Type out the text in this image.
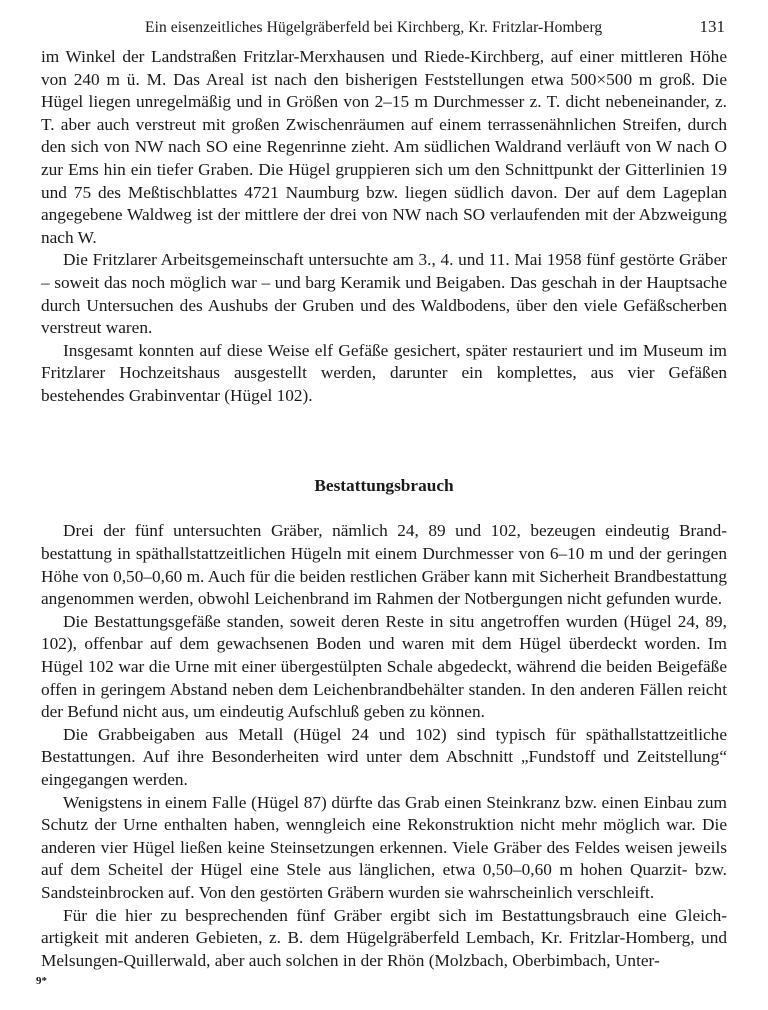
Ein eisenzeitliches Hügelgräberfeld bei Kirchberg, Kr. Fritzlar-Homberg	131

im Winkel der Landstraßen Fritzlar-Merxhausen und Riede-Kirchberg, auf einer mittleren Höhe von 240 m ü. M. Das Areal ist nach den bisherigen Feststellungen etwa 500×500 m groß. Die Hügel liegen unregelmäßig und in Größen von 2–15 m Durchmesser z. T. dicht nebeneinander, z. T. aber auch verstreut mit großen Zwischenräumen auf einem terrassenähnlichen Streifen, durch den sich von NW nach SO eine Regenrinne zieht. Am südlichen Waldrand verläuft von W nach O zur Ems hin ein tiefer Graben. Die Hügel gruppieren sich um den Schnittpunkt der Gitterlinien 19 und 75 des Meßtischblattes 4721 Naumburg bzw. liegen südlich davon. Der auf dem Lageplan angegebene Waldweg ist der mittlere der drei von NW nach SO verlaufenden mit der Abzweigung nach W.

Die Fritzlarer Arbeitsgemeinschaft untersuchte am 3., 4. und 11. Mai 1958 fünf gestörte Gräber – soweit das noch möglich war – und barg Keramik und Beigaben. Das geschah in der Hauptsache durch Untersuchen des Aushubs der Gruben und des Waldbodens, über den viele Gefäßscherben verstreut waren.

Insgesamt konnten auf diese Weise elf Gefäße gesichert, später restauriert und im Museum im Fritzlarer Hochzeitshaus ausgestellt werden, darunter ein komplettes, aus vier Gefäßen bestehendes Grabinventar (Hügel 102).

Bestattungsbrauch

Drei der fünf untersuchten Gräber, nämlich 24, 89 und 102, bezeugen eindeutig Brandbestattung in späthallstattzeitlichen Hügeln mit einem Durchmesser von 6–10 m und der geringen Höhe von 0,50–0,60 m. Auch für die beiden restlichen Gräber kann mit Sicherheit Brandbestattung angenommen werden, obwohl Leichenbrand im Rahmen der Notbergungen nicht gefunden wurde.

Die Bestattungsgefäße standen, soweit deren Reste in situ angetroffen wurden (Hügel 24, 89, 102), offenbar auf dem gewachsenen Boden und waren mit dem Hügel überdeckt worden. Im Hügel 102 war die Urne mit einer übergestülpten Schale abgedeckt, während die beiden Beigefäße offen in geringem Abstand neben dem Leichenbrandbehälter standen. In den anderen Fällen reicht der Befund nicht aus, um eindeutig Aufschluß geben zu können.

Die Grabbeigaben aus Metall (Hügel 24 und 102) sind typisch für späthallstattzeitliche Bestattungen. Auf ihre Besonderheiten wird unter dem Abschnitt „Fundstoff und Zeitstellung“ eingegangen werden.

Wenigstens in einem Falle (Hügel 87) dürfte das Grab einen Steinkranz bzw. einen Einbau zum Schutz der Urne enthalten haben, wenngleich eine Rekonstruktion nicht mehr möglich war. Die anderen vier Hügel ließen keine Steinsetzungen erkennen. Viele Gräber des Feldes weisen jeweils auf dem Scheitel der Hügel eine Stele aus länglichen, etwa 0,50–0,60 m hohen Quarzit- bzw. Sandsteinbrocken auf. Von den gestörten Gräbern wurden sie wahrscheinlich verschleift.

Für die hier zu besprechenden fünf Gräber ergibt sich im Bestattungsbrauch eine Gleichartigkeit mit anderen Gebieten, z. B. dem Hügelgräberfeld Lembach, Kr. Fritzlar-Homberg, und Melsungen-Quillerwald, aber auch solchen in der Rhön (Molzbach, Oberbimbach, Unter-

9*
